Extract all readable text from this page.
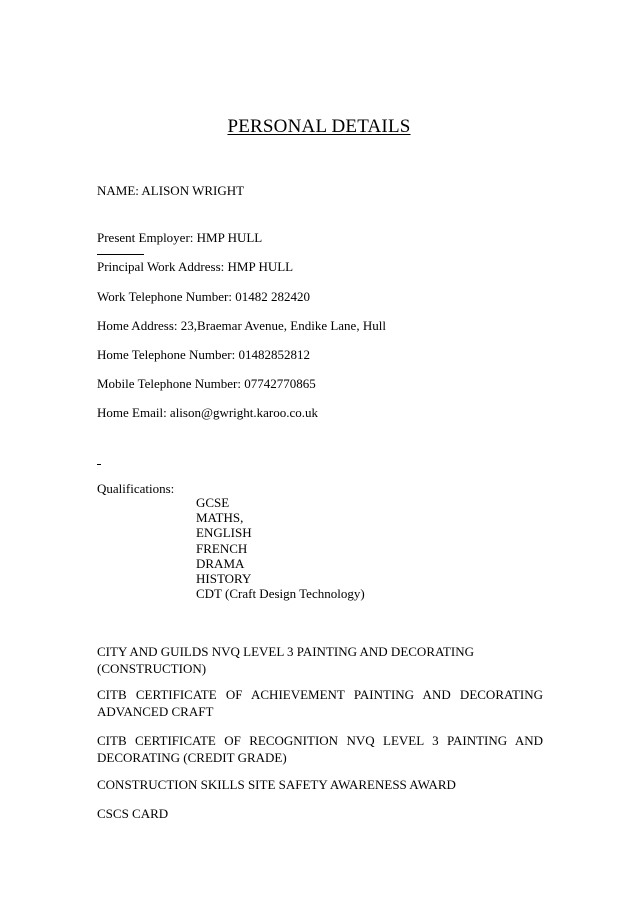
PERSONAL DETAILS
NAME: ALISON WRIGHT
Present Employer: HMP HULL
Principal Work Address: HMP HULL
Work Telephone Number: 01482 282420
Home Address: 23,Braemar Avenue, Endike Lane, Hull
Home Telephone Number: 01482852812
Mobile Telephone Number: 07742770865
Home Email: alison@gwright.karoo.co.uk
Qualifications:
GCSE
MATHS,
ENGLISH
FRENCH
DRAMA
HISTORY
CDT (Craft Design Technology)
CITY AND GUILDS NVQ LEVEL 3 PAINTING AND DECORATING
(CONSTRUCTION)
CITB CERTIFICATE OF ACHIEVEMENT PAINTING AND DECORATING
ADVANCED CRAFT
CITB CERTIFICATE OF RECOGNITION NVQ LEVEL 3 PAINTING AND
DECORATING (CREDIT GRADE)
CONSTRUCTION SKILLS SITE SAFETY AWARENESS AWARD
CSCS CARD
